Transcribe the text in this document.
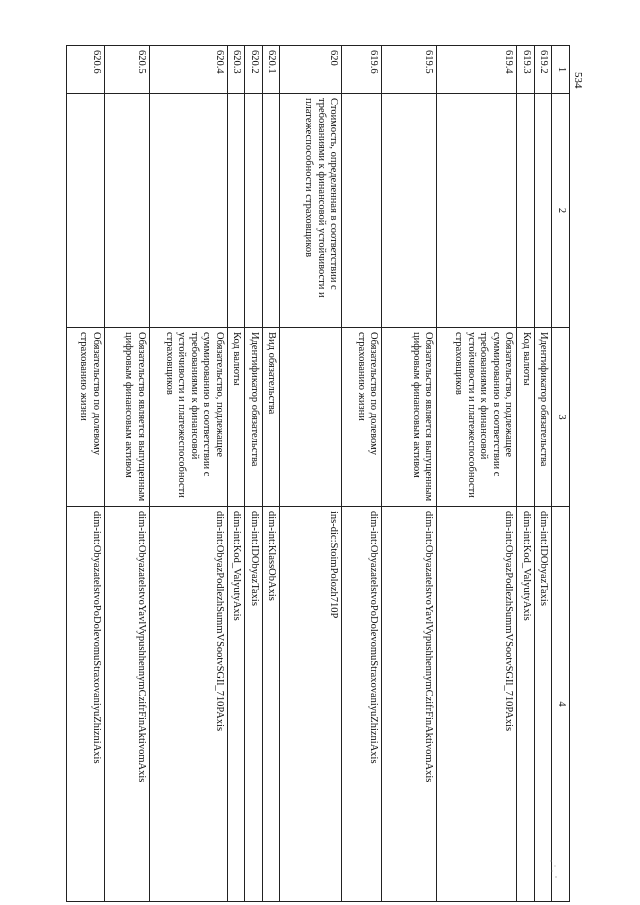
534
1	2	3	4
619.2		Идентификатор обязательства	dim-int:IDObyazTaxis
619.3		Код валюты	dim-int:Kod_ValyutyAxis
619.4		Обязательство, подлежащее суммированию в соответствии с требованиями к финансовой устойчивости и платежеспособности страховщиков	dim-int:ObyazPodlezhSummVSootvSGIl_710PAxis
619.5		Обязательство является выпущенным цифровым финансовым активом	dim-int:ObyazatelstvoYavlVypushhennymCzifrFinAktivomAxis
619.6		Обязательство по долевому страхованию жизни	dim-int:ObyazatelstvoPoDolevomuStraxovaniyuZhizniAxis
620	Стоимость, определенная в соответствии с требованиями к финансовой устойчивости и платежеспособности страховщиков		ins-dic:StoimPolozh710P
620.1		Вид обязательства	dim-int:KlassObAxis
620.2		Идентификатор обязательства	dim-int:IDObyazTaxis
620.3		Код валюты	dim-int:Kod_ValyutyAxis
620.4		Обязательство, подлежащее суммированию в соответствии с требованиями к финансовой устойчивости и платежеспособности страховщиков	dim-int:ObyazPodlezhSummVSootvSGIl_710PAxis
620.5		Обязательство является выпущенным цифровым финансовым активом	dim-int:ObyazatelstvoYavlVypushhennymCzifrFinAktivomAxis
620.6		Обязательство по долевому страхованию жизни	dim-int:ObyazatelstvoPoDolevomuStraxovaniyuZhizniAxis
